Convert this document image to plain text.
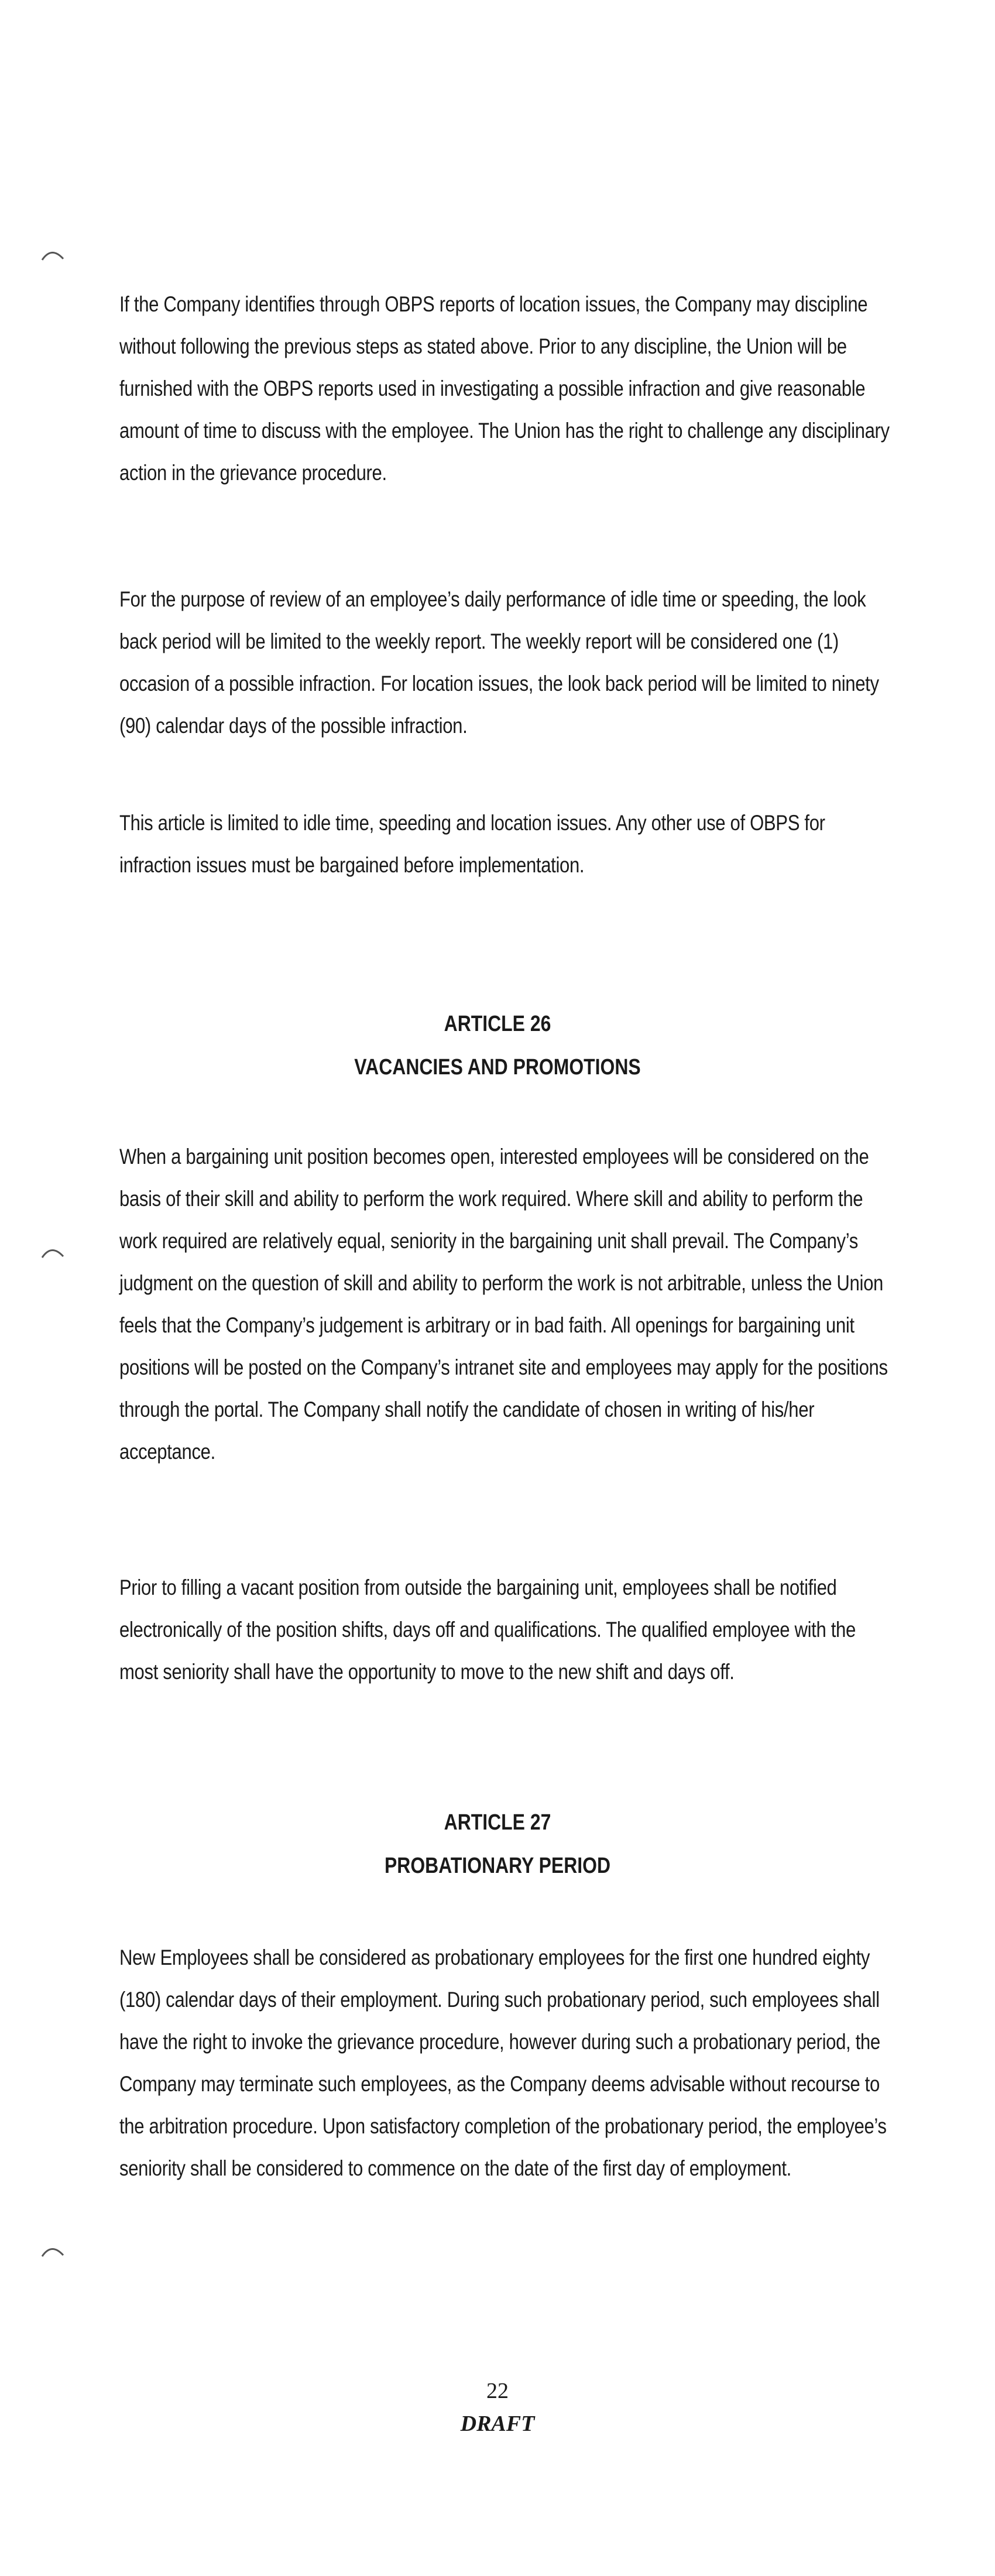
If the Company identifies through OBPS reports of location issues, the Company may discipline without following the previous steps as stated above. Prior to any discipline, the Union will be furnished with the OBPS reports used in investigating a possible infraction and give reasonable amount of time to discuss with the employee. The Union has the right to challenge any disciplinary action in the grievance procedure.

For the purpose of review of an employee’s daily performance of idle time or speeding, the look back period will be limited to the weekly report. The weekly report will be considered one (1) occasion of a possible infraction. For location issues, the look back period will be limited to ninety (90) calendar days of the possible infraction.

This article is limited to idle time, speeding and location issues. Any other use of OBPS for infraction issues must be bargained before implementation.

ARTICLE 26
VACANCIES AND PROMOTIONS

When a bargaining unit position becomes open, interested employees will be considered on the basis of their skill and ability to perform the work required. Where skill and ability to perform the work required are relatively equal, seniority in the bargaining unit shall prevail. The Company’s judgment on the question of skill and ability to perform the work is not arbitrable, unless the Union feels that the Company’s judgement is arbitrary or in bad faith. All openings for bargaining unit positions will be posted on the Company’s intranet site and employees may apply for the positions through the portal. The Company shall notify the candidate of chosen in writing of his/her acceptance.

Prior to filling a vacant position from outside the bargaining unit, employees shall be notified electronically of the position shifts, days off and qualifications. The qualified employee with the most seniority shall have the opportunity to move to the new shift and days off.

ARTICLE 27
PROBATIONARY PERIOD

New Employees shall be considered as probationary employees for the first one hundred eighty (180) calendar days of their employment. During such probationary period, such employees shall have the right to invoke the grievance procedure, however during such a probationary period, the Company may terminate such employees, as the Company deems advisable without recourse to the arbitration procedure. Upon satisfactory completion of the probationary period, the employee’s seniority shall be considered to commence on the date of the first day of employment.

22
DRAFT
